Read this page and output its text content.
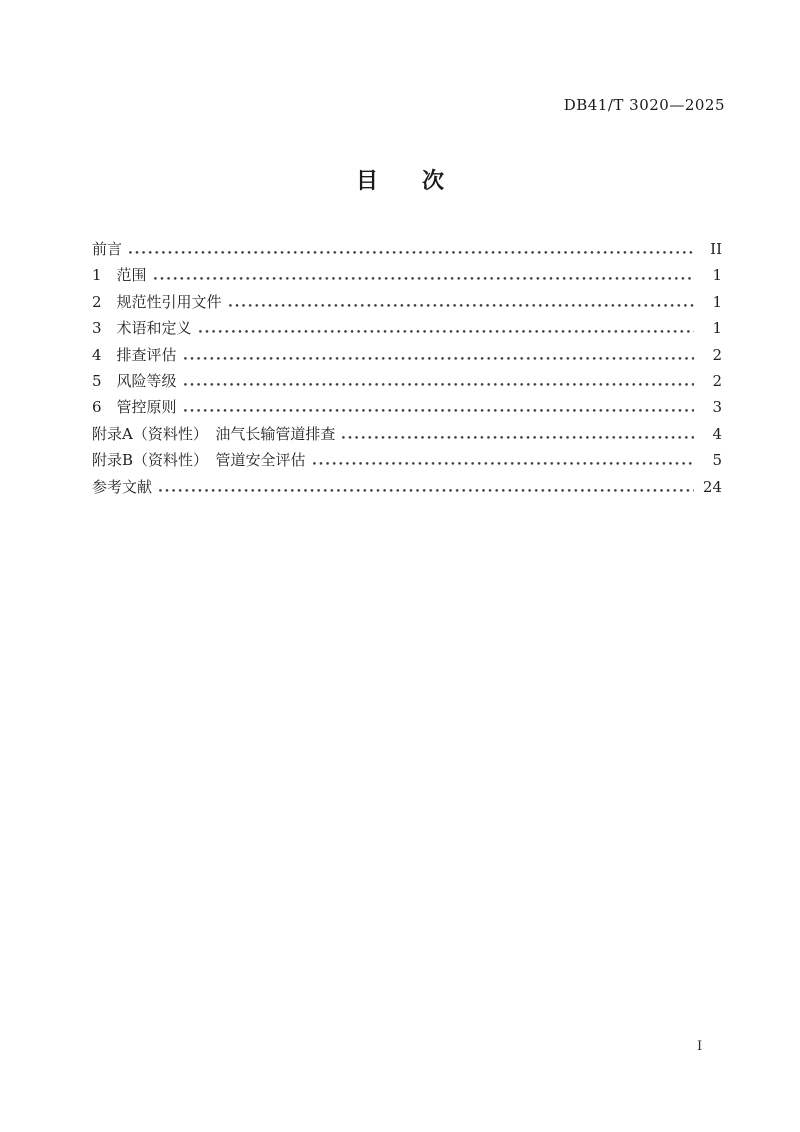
DB41/T 3020—2025
目　　次
前言	II
1　范围	1
2　规范性引用文件	1
3　术语和定义	1
4　排查评估	2
5　风险等级	2
6　管控原则	3
附录A（资料性）　油气长输管道排查	4
附录B（资料性）　管道安全评估	5
参考文献	24
I
